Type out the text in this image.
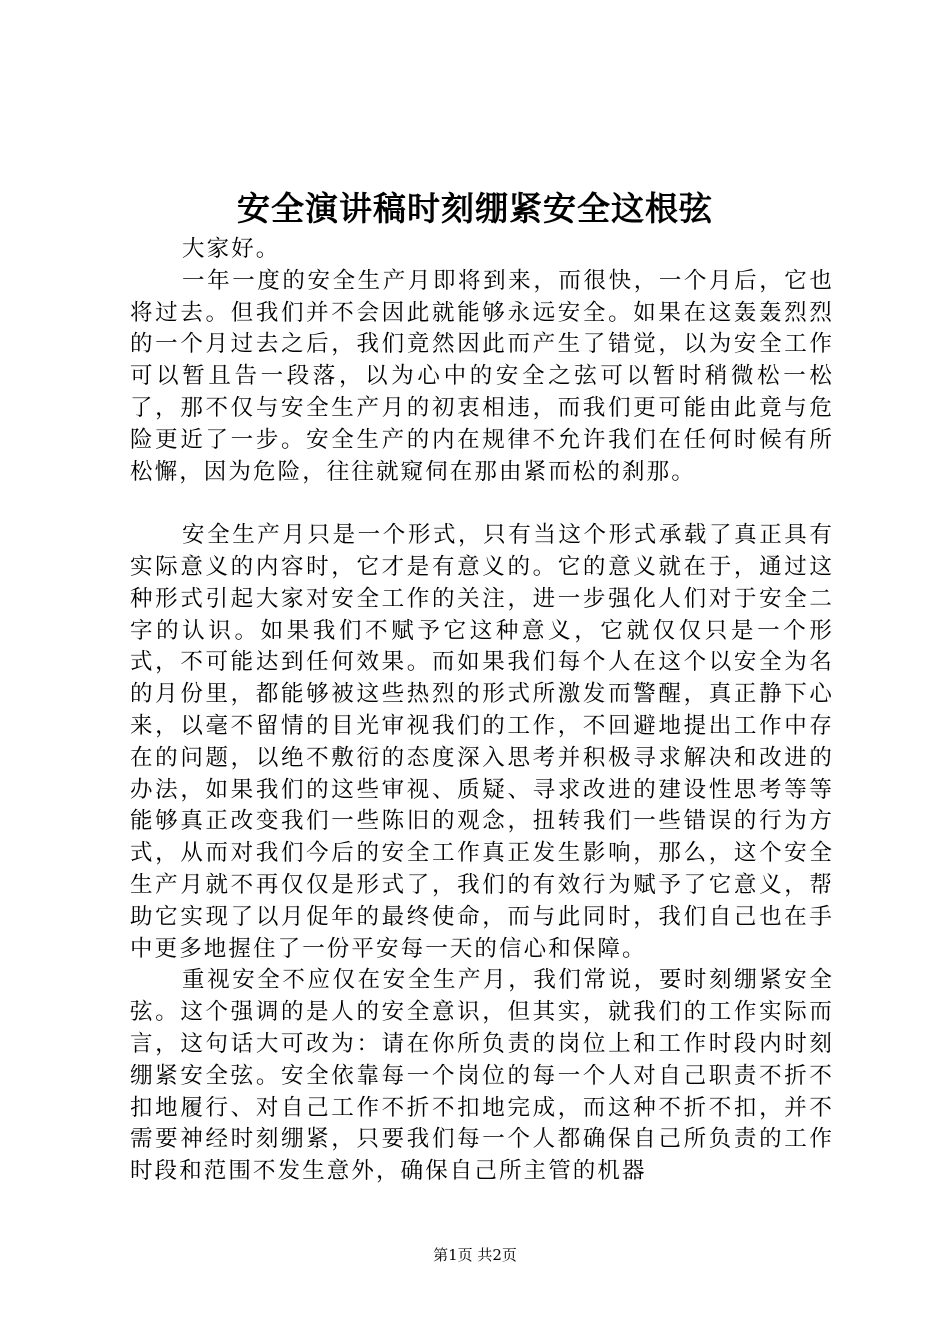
安全演讲稿时刻绷紧安全这根弦

大家好。

一年一度的安全生产月即将到来，而很快，一个月后，它也将过去。但我们并不会因此就能够永远安全。如果在这轰轰烈烈的一个月过去之后，我们竟然因此而产生了错觉，以为安全工作可以暂且告一段落，以为心中的安全之弦可以暂时稍微松一松了，那不仅与安全生产月的初衷相违，而我们更可能由此竟与危险更近了一步。安全生产的内在规律不允许我们在任何时候有所松懈，因为危险，往往就窥伺在那由紧而松的刹那。

安全生产月只是一个形式，只有当这个形式承载了真正具有实际意义的内容时，它才是有意义的。它的意义就在于，通过这种形式引起大家对安全工作的关注，进一步强化人们对于安全二字的认识。如果我们不赋予它这种意义，它就仅仅只是一个形式，不可能达到任何效果。而如果我们每个人在这个以安全为名的月份里，都能够被这些热烈的形式所激发而警醒，真正静下心来，以毫不留情的目光审视我们的工作，不回避地提出工作中存在的问题，以绝不敷衍的态度深入思考并积极寻求解决和改进的办法，如果我们的这些审视、质疑、寻求改进的建设性思考等等能够真正改变我们一些陈旧的观念，扭转我们一些错误的行为方式，从而对我们今后的安全工作真正发生影响，那么，这个安全生产月就不再仅仅是形式了，我们的有效行为赋予了它意义，帮助它实现了以月促年的最终使命，而与此同时，我们自己也在手中更多地握住了一份平安每一天的信心和保障。

重视安全不应仅在安全生产月，我们常说，要时刻绷紧安全弦。这个强调的是人的安全意识，但其实，就我们的工作实际而言，这句话大可改为：请在你所负责的岗位上和工作时段内时刻绷紧安全弦。安全依靠每一个岗位的每一个人对自己职责不折不扣地履行、对自己工作不折不扣地完成，而这种不折不扣，并不需要神经时刻绷紧，只要我们每一个人都确保自己所负责的工作时段和范围不发生意外，确保自己所主管的机器

第1页 共2页
